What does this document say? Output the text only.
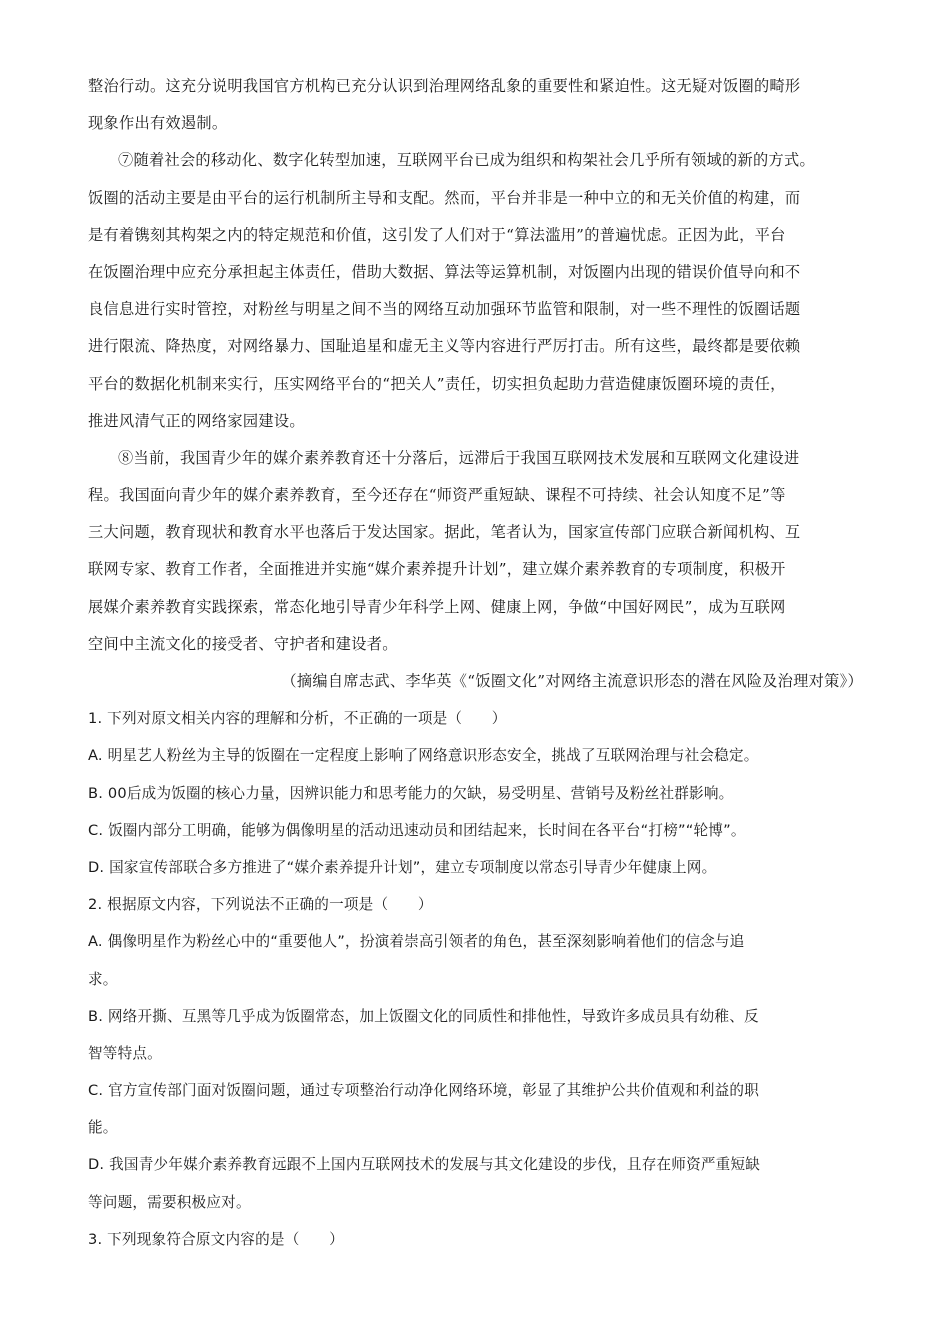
整治行动。这充分说明我国官方机构已充分认识到治理网络乱象的重要性和紧迫性。这无疑对饭圈的畸形
现象作出有效遏制。
⑦随着社会的移动化、数字化转型加速，互联网平台已成为组织和构架社会几乎所有领域的新的方式。
饭圈的活动主要是由平台的运行机制所主导和支配。然而，平台并非是一种中立的和无关价值的构建，而
是有着镌刻其构架之内的特定规范和价值，这引发了人们对于“算法滥用”的普遍忧虑。正因为此，平台
在饭圈治理中应充分承担起主体责任，借助大数据、算法等运算机制，对饭圈内出现的错误价值导向和不
良信息进行实时管控，对粉丝与明星之间不当的网络互动加强环节监管和限制，对一些不理性的饭圈话题
进行限流、降热度，对网络暴力、国耻追星和虚无主义等内容进行严厉打击。所有这些，最终都是要依赖
平台的数据化机制来实行，压实网络平台的“把关人”责任，切实担负起助力营造健康饭圈环境的责任，
推进风清气正的网络家园建设。
⑧当前，我国青少年的媒介素养教育还十分落后，远滞后于我国互联网技术发展和互联网文化建设进
程。我国面向青少年的媒介素养教育，至今还存在“师资严重短缺、课程不可持续、社会认知度不足”等
三大问题，教育现状和教育水平也落后于发达国家。据此，笔者认为，国家宣传部门应联合新闻机构、互
联网专家、教育工作者，全面推进并实施“媒介素养提升计划”，建立媒介素养教育的专项制度，积极开
展媒介素养教育实践探索，常态化地引导青少年科学上网、健康上网，争做“中国好网民”，成为互联网
空间中主流文化的接受者、守护者和建设者。
（摘编自席志武、李华英《“饭圈文化”对网络主流意识形态的潜在风险及治理对策》）
1. 下列对原文相关内容的理解和分析，不正确的一项是（　　）
A. 明星艺人粉丝为主导的饭圈在一定程度上影响了网络意识形态安全，挑战了互联网治理与社会稳定。
B. 00后成为饭圈的核心力量，因辨识能力和思考能力的欠缺，易受明星、营销号及粉丝社群影响。
C. 饭圈内部分工明确，能够为偶像明星的活动迅速动员和团结起来，长时间在各平台“打榜”“轮博”。
D. 国家宣传部联合多方推进了“媒介素养提升计划”，建立专项制度以常态引导青少年健康上网。
2. 根据原文内容，下列说法不正确的一项是（　　）
A. 偶像明星作为粉丝心中的“重要他人”，扮演着崇高引领者的角色，甚至深刻影响着他们的信念与追
求。
B. 网络开撕、互黑等几乎成为饭圈常态，加上饭圈文化的同质性和排他性，导致许多成员具有幼稚、反
智等特点。
C. 官方宣传部门面对饭圈问题，通过专项整治行动净化网络环境，彰显了其维护公共价值观和利益的职
能。
D. 我国青少年媒介素养教育远跟不上国内互联网技术的发展与其文化建设的步伐，且存在师资严重短缺
等问题，需要积极应对。
3. 下列现象符合原文内容的是（　　）
